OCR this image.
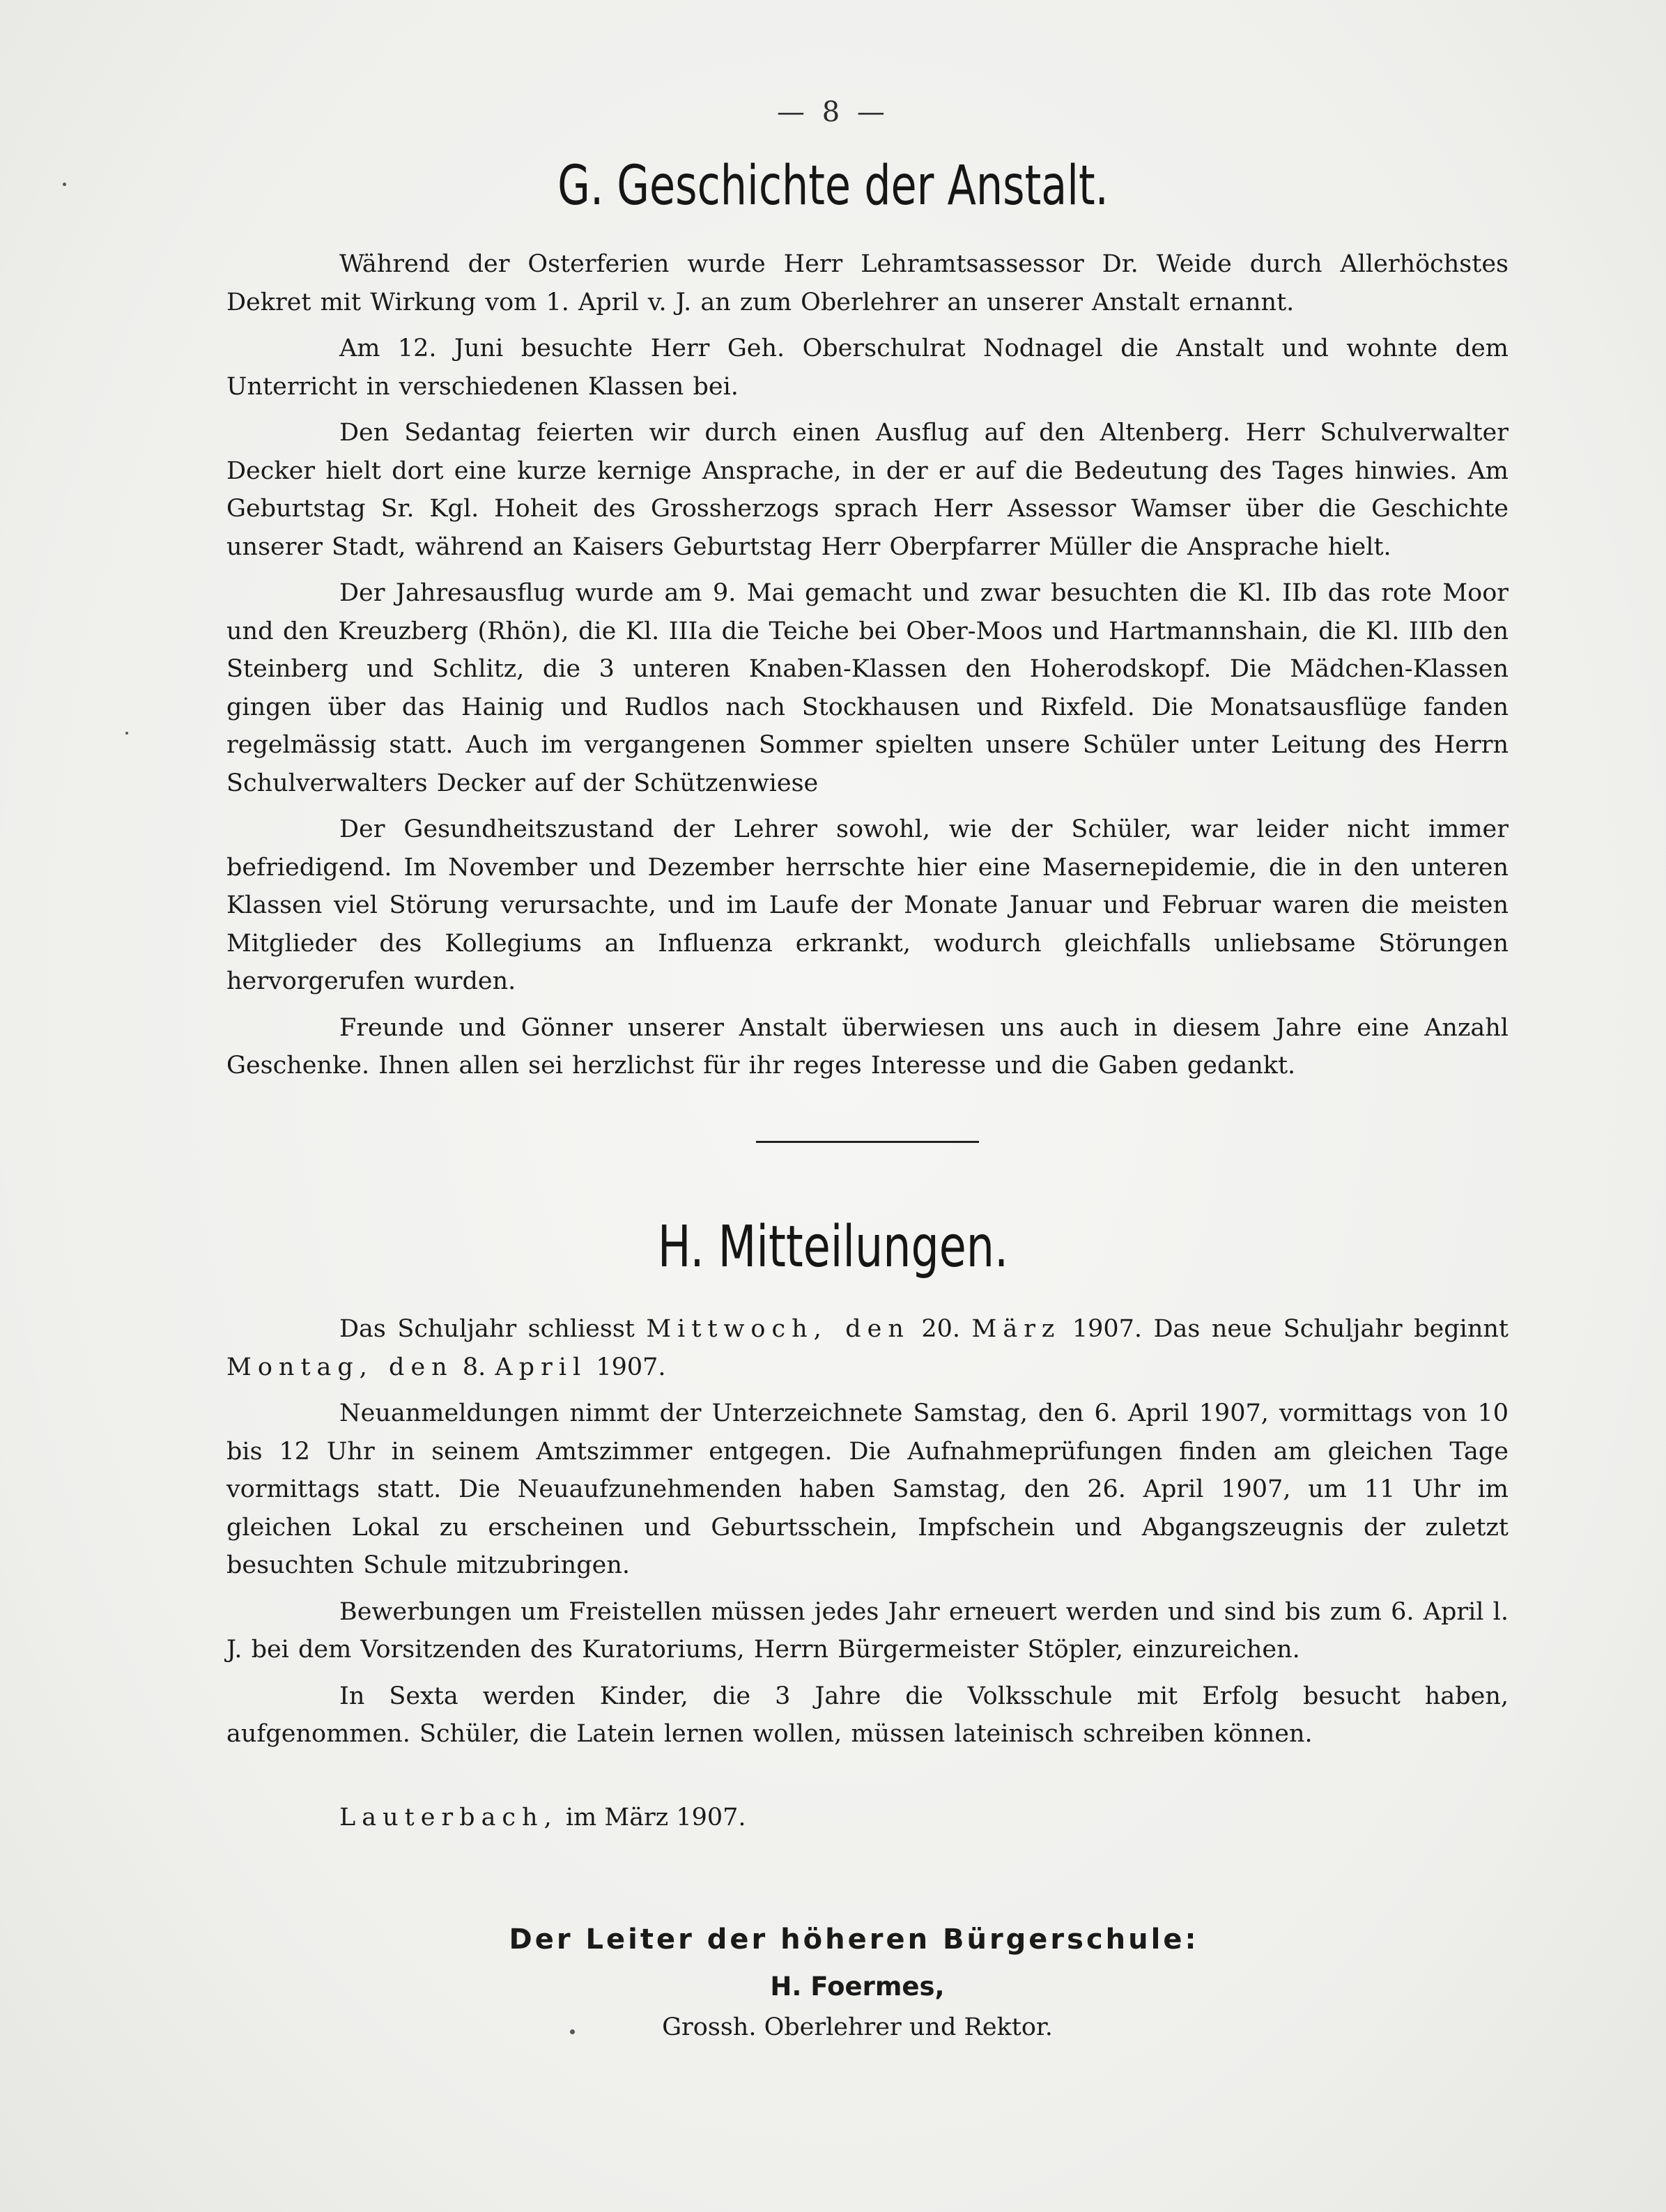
— 8 —
G. Geschichte der Anstalt.

Während der Osterferien wurde Herr Lehramtsassessor Dr. Weide durch Allerhöchstes Dekret mit Wirkung vom 1. April v. J. an zum Oberlehrer an unserer Anstalt ernannt.

Am 12. Juni besuchte Herr Geh. Oberschulrat Nodnagel die Anstalt und wohnte dem Unterricht in verschiedenen Klassen bei.

Den Sedantag feierten wir durch einen Ausflug auf den Altenberg. Herr Schulverwalter Decker hielt dort eine kurze kernige Ansprache, in der er auf die Bedeutung des Tages hinwies. Am Geburtstag Sr. Kgl. Hoheit des Grossherzogs sprach Herr Assessor Wamser über die Geschichte unserer Stadt, während an Kaisers Geburtstag Herr Oberpfarrer Müller die Ansprache hielt.

Der Jahresausflug wurde am 9. Mai gemacht und zwar besuchten die Kl. IIb das rote Moor und den Kreuzberg (Rhön), die Kl. IIIa die Teiche bei Ober-Moos und Hartmannshain, die Kl. IIIb den Steinberg und Schlitz, die 3 unteren Knaben-Klassen den Hoherodskopf. Die Mädchen-Klassen gingen über das Hainig und Rudlos nach Stockhausen und Rixfeld. Die Monatsausflüge fanden regelmässig statt. Auch im vergangenen Sommer spielten unsere Schüler unter Leitung des Herrn Schulverwalters Decker auf der Schützenwiese

Der Gesundheitszustand der Lehrer sowohl, wie der Schüler, war leider nicht immer befriedigend. Im November und Dezember herrschte hier eine Masernepidemie, die in den unteren Klassen viel Störung verursachte, und im Laufe der Monate Januar und Februar waren die meisten Mitglieder des Kollegiums an Influenza erkrankt, wodurch gleichfalls unliebsame Störungen hervorgerufen wurden.

Freunde und Gönner unserer Anstalt überwiesen uns auch in diesem Jahre eine Anzahl Geschenke. Ihnen allen sei herzlichst für ihr reges Interesse und die Gaben gedankt.

H. Mitteilungen.

Das Schuljahr schliesst Mittwoch, den 20. März 1907. Das neue Schuljahr beginnt Montag, den 8. April 1907.

Neuanmeldungen nimmt der Unterzeichnete Samstag, den 6. April 1907, vormittags von 10 bis 12 Uhr in seinem Amtszimmer entgegen. Die Aufnahmeprüfungen finden am gleichen Tage vormittags statt. Die Neuaufzunehmenden haben Samstag, den 26. April 1907, um 11 Uhr im gleichen Lokal zu erscheinen und Geburtsschein, Impfschein und Abgangszeugnis der zuletzt besuchten Schule mitzubringen.

Bewerbungen um Freistellen müssen jedes Jahr erneuert werden und sind bis zum 6. April l. J. bei dem Vorsitzenden des Kuratoriums, Herrn Bürgermeister Stöpler, einzureichen.

In Sexta werden Kinder, die 3 Jahre die Volksschule mit Erfolg besucht haben, aufgenommen. Schüler, die Latein lernen wollen, müssen lateinisch schreiben können.

Lauterbach, im März 1907.
Der Leiter der höheren Bürgerschule:
H. Foermes,
Grossh. Oberlehrer und Rektor.
